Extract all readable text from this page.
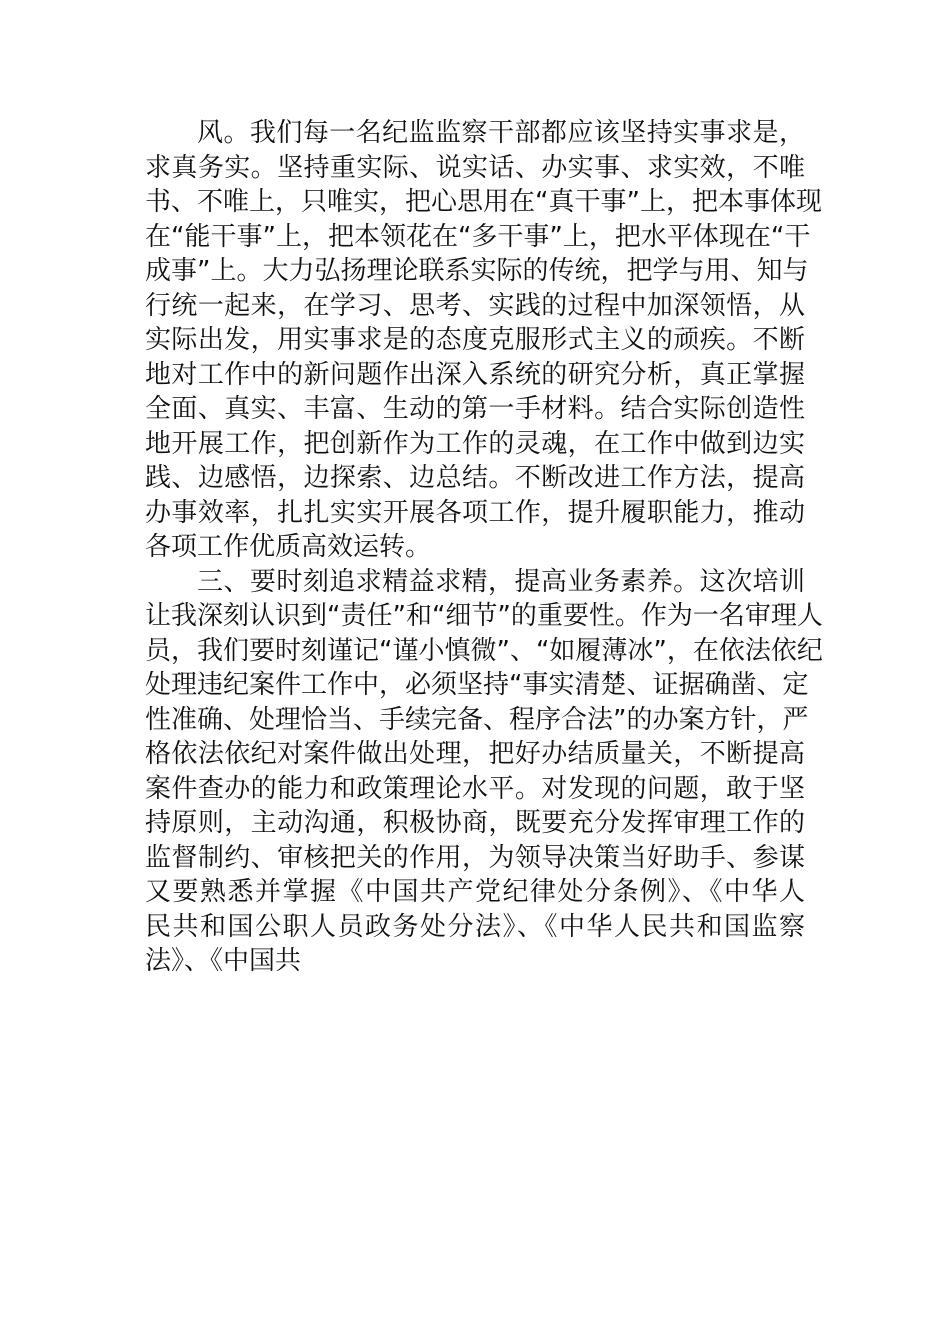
风。我们每一名纪监监察干部都应该坚持实事求是，
求真务实。坚持重实际、说实话、办实事、求实效，不唯
书、不唯上，只唯实，把心思用在“真干事”上，把本事体现
在“能干事”上，把本领花在“多干事”上，把水平体现在“干
成事”上。大力弘扬理论联系实际的传统，把学与用、知与
行统一起来，在学习、思考、实践的过程中加深领悟，从
实际出发，用实事求是的态度克服形式主义的顽疾。不断
地对工作中的新问题作出深入系统的研究分析，真正掌握
全面、真实、丰富、生动的第一手材料。结合实际创造性
地开展工作，把创新作为工作的灵魂，在工作中做到边实
践、边感悟，边探索、边总结。不断改进工作方法，提高
办事效率，扎扎实实开展各项工作，提升履职能力，推动
各项工作优质高效运转。
三、要时刻追求精益求精，提高业务素养。这次培训
让我深刻认识到“责任”和“细节”的重要性。作为一名审理人
员，我们要时刻谨记“谨小慎微”、“如履薄冰”，在依法依纪
处理违纪案件工作中，必须坚持“事实清楚、证据确凿、定
性准确、处理恰当、手续完备、程序合法”的办案方针，严
格依法依纪对案件做出处理，把好办结质量关，不断提高
案件查办的能力和政策理论水平。对发现的问题，敢于坚
持原则，主动沟通，积极协商，既要充分发挥审理工作的
监督制约、审核把关的作用，为领导决策当好助手、参谋
又要熟悉并掌握《中国共产党纪律处分条例》、《中华人
民共和国公职人员政务处分法》、《中华人民共和国监察
法》、《中国共
